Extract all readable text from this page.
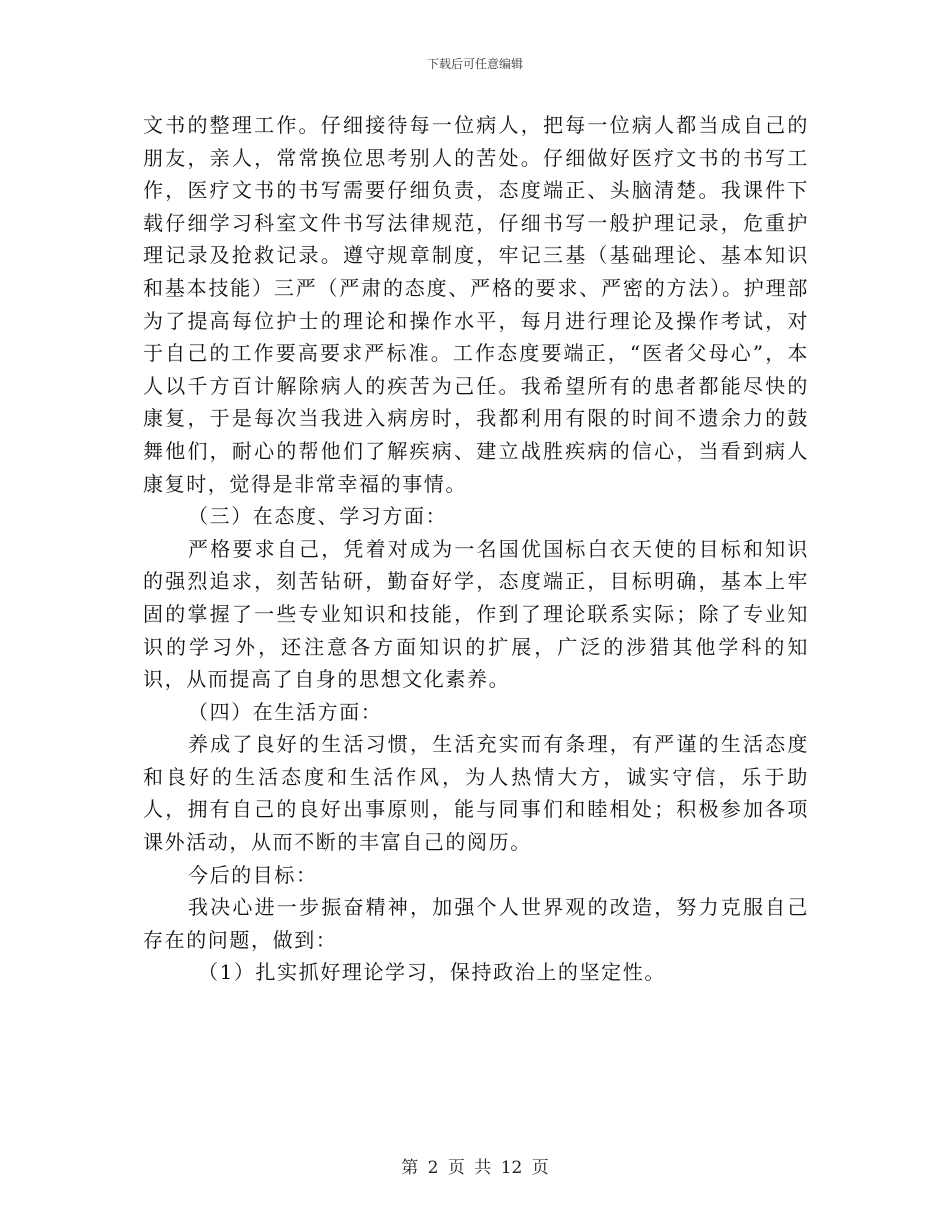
下载后可任意编辑

文书的整理工作。仔细接待每一位病人，把每一位病人都当成自己的朋友，亲人，常常换位思考别人的苦处。仔细做好医疗文书的书写工作，医疗文书的书写需要仔细负责，态度端正、头脑清楚。我课件下载仔细学习科室文件书写法律规范，仔细书写一般护理记录，危重护理记录及抢救记录。遵守规章制度，牢记三基（基础理论、基本知识和基本技能）三严（严肃的态度、严格的要求、严密的方法）。护理部为了提高每位护士的理论和操作水平，每月进行理论及操作考试，对于自己的工作要高要求严标准。工作态度要端正，“医者父母心”，本人以千方百计解除病人的疾苦为己任。我希望所有的患者都能尽快的康复，于是每次当我进入病房时，我都利用有限的时间不遗余力的鼓舞他们，耐心的帮他们了解疾病、建立战胜疾病的信心，当看到病人康复时，觉得是非常幸福的事情。

（三）在态度、学习方面：

严格要求自己，凭着对成为一名国优国标白衣天使的目标和知识的强烈追求，刻苦钻研，勤奋好学，态度端正，目标明确，基本上牢固的掌握了一些专业知识和技能，作到了理论联系实际；除了专业知识的学习外，还注意各方面知识的扩展，广泛的涉猎其他学科的知识，从而提高了自身的思想文化素养。

（四）在生活方面：

养成了良好的生活习惯，生活充实而有条理，有严谨的生活态度和良好的生活态度和生活作风，为人热情大方，诚实守信，乐于助人，拥有自己的良好出事原则，能与同事们和睦相处；积极参加各项课外活动，从而不断的丰富自己的阅历。

今后的目标：

我决心进一步振奋精神，加强个人世界观的改造，努力克服自己存在的问题，做到：

（1）扎实抓好理论学习，保持政治上的坚定性。

第 2 页 共 12 页
